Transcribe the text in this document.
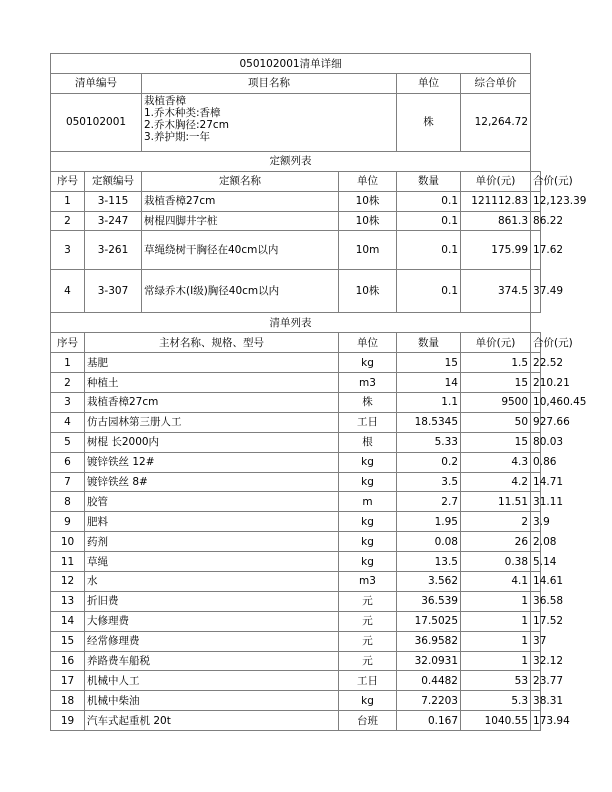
050102001清单详细						
清单编号		项目名称		单位	综合单价	
050102001		栽植香樟
1.乔木种类:香樟
2.乔木胸径:27cm
3.养护期:一年		株	12,264.72	
定额列表						
序号	定额编号	定额名称	单位	数量	单价(元)	合价(元)
1	3-115	栽植香樟27cm	10株	0.1	121112.83	12,123.39
2	3-247	树棍四脚井字桩	10株	0.1	861.3	86.22
3	3-261	草绳绕树干胸径在40cm以内	10m	0.1	175.99	17.62
4	3-307	常绿乔木(I级)胸径40cm以内	10株	0.1	374.5	37.49
清单列表						
序号	主材名称、规格、型号		单位	数量	单价(元)	合价(元)
1	基肥		kg	15	1.5	22.52
2	种植土		m3	14	15	210.21
3	栽植香樟27cm		株	1.1	9500	10,460.45
4	仿古园林第三册人工		工日	18.5345	50	927.66
5	树棍 长2000内		根	5.33	15	80.03
6	镀锌铁丝 12#		kg	0.2	4.3	0.86
7	镀锌铁丝 8#		kg	3.5	4.2	14.71
8	胶管		m	2.7	11.51	31.11
9	肥料		kg	1.95	2	3.9
10	药剂		kg	0.08	26	2.08
11	草绳		kg	13.5	0.38	5.14
12	水		m3	3.562	4.1	14.61
13	折旧费		元	36.539	1	36.58
14	大修理费		元	17.5025	1	17.52
15	经常修理费		元	36.9582	1	37
16	养路费车船税		元	32.0931	1	32.12
17	机械中人工		工日	0.4482	53	23.77
18	机械中柴油		kg	7.2203	5.3	38.31
19	汽车式起重机 20t		台班	0.167	1040.55	173.94
